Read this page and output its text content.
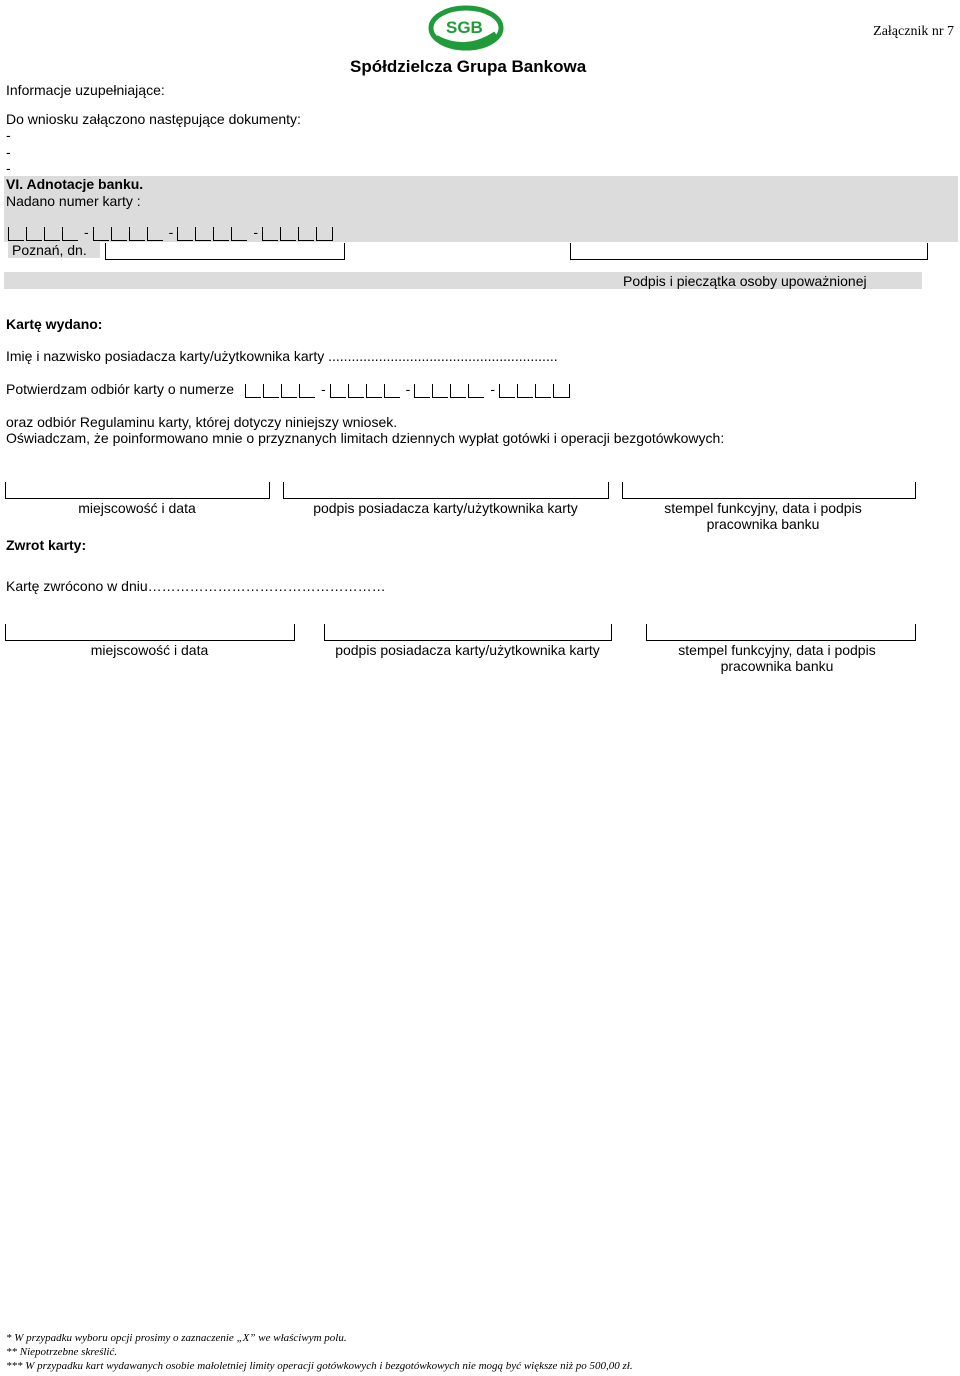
Załącznik nr 7
SGB
Spółdzielcza Grupa Bankowa
Informacje uzupełniające:
Do wniosku załączono następujące dokumenty:
-
-
-
VI. Adnotacje banku.
Nadano numer karty :
-	-	-
Poznań, dn.
Podpis i pieczątka osoby upoważnionej
Kartę wydano:
Imię i nazwisko posiadacza karty/użytkownika karty ...........................................................
Potwierdzam odbiór karty o numerze	-	-	-
oraz odbiór Regulaminu karty, której dotyczy niniejszy wniosek.
Oświadczam, że poinformowano mnie o przyznanych limitach dziennych wypłat gotówki i operacji bezgotówkowych:
miejscowość i data	podpis posiadacza karty/użytkownika karty	stempel funkcyjny, data i podpis
pracownika banku
Zwrot karty:
Kartę zwrócono w dniu……………………………………………
miejscowość i data	podpis posiadacza karty/użytkownika karty	stempel funkcyjny, data i podpis
pracownika banku
* W przypadku wyboru opcji prosimy o zaznaczenie „X” we właściwym polu.
** Niepotrzebne skreślić.
*** W przypadku kart wydawanych osobie małoletniej limity operacji gotówkowych i bezgotówkowych nie mogą być większe niż po 500,00 zł.
